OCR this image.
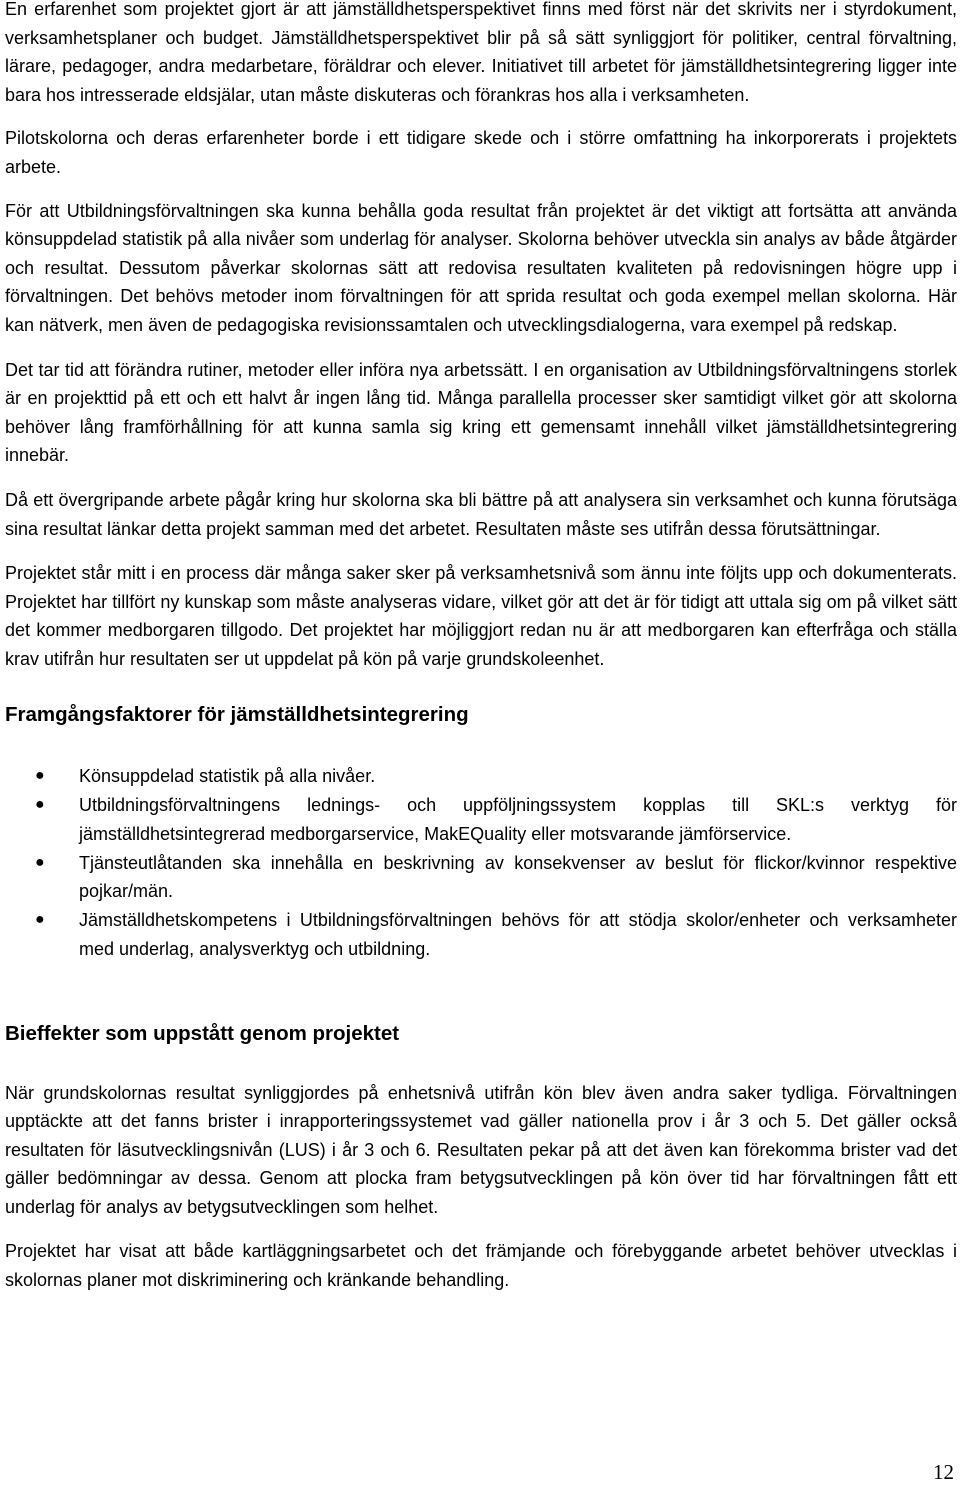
En erfarenhet som projektet gjort är att jämställdhetsperspektivet finns med först när det skrivits ner i styrdokument, verksamhetsplaner och budget. Jämställdhetsperspektivet blir på så sätt synliggjort för politiker, central förvaltning, lärare, pedagoger, andra medarbetare, föräldrar och elever. Initiativet till arbetet för jämställdhetsintegrering ligger inte bara hos intresserade eldsjälar, utan måste diskuteras och förankras hos alla i verksamheten.

Pilotskolorna och deras erfarenheter borde i ett tidigare skede och i större omfattning ha inkorporerats i projektets arbete.

För att Utbildningsförvaltningen ska kunna behålla goda resultat från projektet är det viktigt att fortsätta att använda könsuppdelad statistik på alla nivåer som underlag för analyser. Skolorna behöver utveckla sin analys av både åtgärder och resultat. Dessutom påverkar skolornas sätt att redovisa resultaten kvaliteten på redovisningen högre upp i förvaltningen. Det behövs metoder inom förvaltningen för att sprida resultat och goda exempel mellan skolorna. Här kan nätverk, men även de pedagogiska revisionssamtalen och utvecklingsdialogerna, vara exempel på redskap.

Det tar tid att förändra rutiner, metoder eller införa nya arbetssätt. I en organisation av Utbildningsförvaltningens storlek är en projekttid på ett och ett halvt år ingen lång tid. Många parallella processer sker samtidigt vilket gör att skolorna behöver lång framförhållning för att kunna samla sig kring ett gemensamt innehåll vilket jämställdhetsintegrering innebär.

Då ett övergripande arbete pågår kring hur skolorna ska bli bättre på att analysera sin verksamhet och kunna förutsäga sina resultat länkar detta projekt samman med det arbetet. Resultaten måste ses utifrån dessa förutsättningar.

Projektet står mitt i en process där många saker sker på verksamhetsnivå som ännu inte följts upp och dokumenterats. Projektet har tillfört ny kunskap som måste analyseras vidare, vilket gör att det är för tidigt att uttala sig om på vilket sätt det kommer medborgaren tillgodo. Det projektet har möjliggjort redan nu är att medborgaren kan efterfråga och ställa krav utifrån hur resultaten ser ut uppdelat på kön på varje grundskoleenhet.

Framgångsfaktorer för jämställdhetsintegrering
● Könsuppdelad statistik på alla nivåer.
● Utbildningsförvaltningens lednings- och uppföljningssystem kopplas till SKL:s verktyg för jämställdhetsintegrerad medborgarservice, MakEQuality eller motsvarande jämförservice.
● Tjänsteutlåtanden ska innehålla en beskrivning av konsekvenser av beslut för flickor/kvinnor respektive pojkar/män.
● Jämställdhetskompetens i Utbildningsförvaltningen behövs för att stödja skolor/enheter och verksamheter med underlag, analysverktyg och utbildning.
Bieffekter som uppstått genom projektet

När grundskolornas resultat synliggjordes på enhetsnivå utifrån kön blev även andra saker tydliga. Förvaltningen upptäckte att det fanns brister i inrapporteringssystemet vad gäller nationella prov i år 3 och 5. Det gäller också resultaten för läsutvecklingsnivån (LUS) i år 3 och 6. Resultaten pekar på att det även kan förekomma brister vad det gäller bedömningar av dessa. Genom att plocka fram betygsutvecklingen på kön över tid har förvaltningen fått ett underlag för analys av betygsutvecklingen som helhet.

Projektet har visat att både kartläggningsarbetet och det främjande och förebyggande arbetet behöver utvecklas i skolornas planer mot diskriminering och kränkande behandling.

12
